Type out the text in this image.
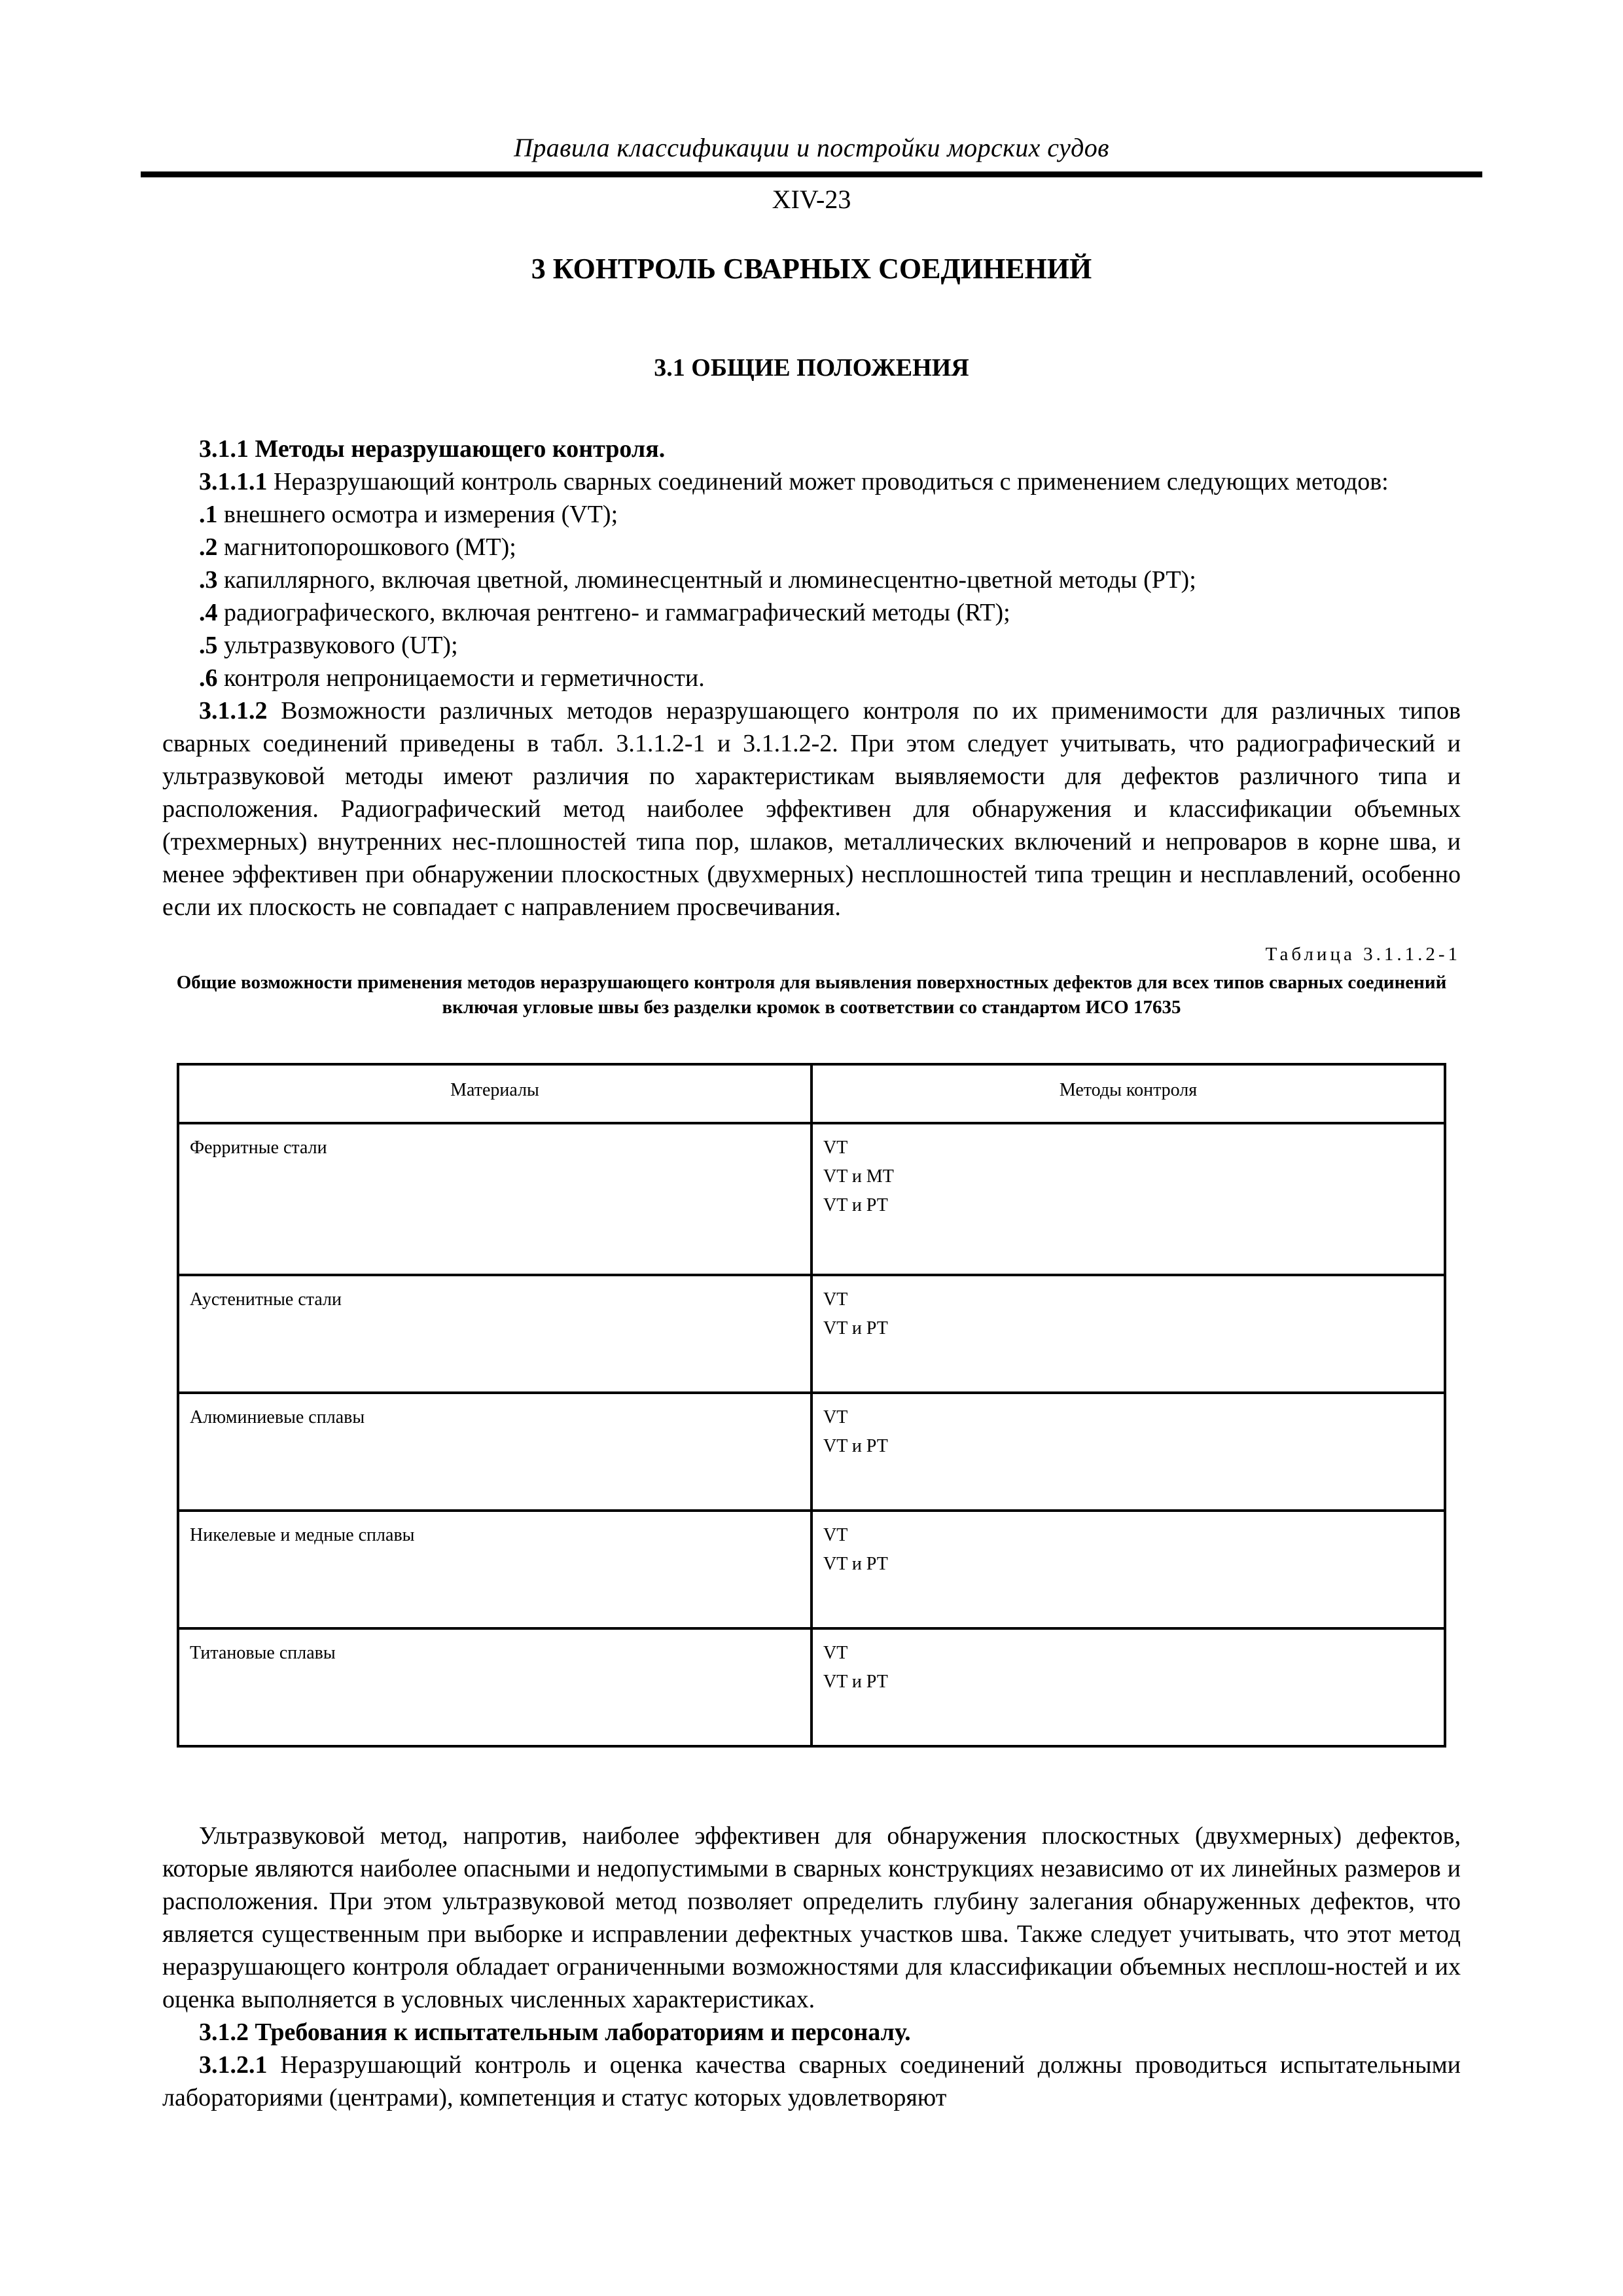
Правила классификации и постройки морских судов
XIV-23
3 КОНТРОЛЬ СВАРНЫХ СОЕДИНЕНИЙ
3.1 ОБЩИЕ ПОЛОЖЕНИЯ

3.1.1 Методы неразрушающего контроля.

3.1.1.1 Неразрушающий контроль сварных соединений может проводиться с применением следующих методов:

.1 внешнего осмотра и измерения (VT);

.2 магнитопорошкового (МТ);

.3 капиллярного, включая цветной, люминесцентный и люминесцентно-цветной методы (РТ);

.4 радиографического, включая рентгено- и гаммаграфический методы (RT);

.5 ультразвукового (UT);

.6 контроля непроницаемости и герметичности.

3.1.1.2 Возможности различных методов неразрушающего контроля по их применимости для различных типов сварных соединений приведены в табл. 3.1.1.2-1 и 3.1.1.2-2. При этом следует учитывать, что радиографический и ультразвуковой методы имеют различия по характеристикам выявляемости для дефектов различного типа и расположения. Радиографический метод наиболее эффективен для обнаружения и классификации объемных (трехмерных) внутренних нес-плошностей типа пор, шлаков, металлических включений и непроваров в корне шва, и менее эффективен при обнаружении плоскостных (двухмерных) несплошностей типа трещин и несплавлений, особенно если их плоскость не совпадает с направлением просвечивания.

Таблица 3.1.1.2-1

Общие возможности применения методов неразрушающего контроля для выявления поверхностных дефектов для всех типов сварных соединений включая угловые швы без разделки кромок в соответствии со стандартом ИСО 17635

Материалы	Методы контроля
Ферритные стали	VT
VT и МТ
VT и РТ

Аустенитные стали	VT
VT и РТ

Алюминиевые сплавы	VT
VT и РТ

Никелевые и медные сплавы	VT
VT и РТ

Титановые сплавы	VT
VT и РТ

Ультразвуковой метод, напротив, наиболее эффективен для обнаружения плоскостных (двухмерных) дефектов, которые являются наиболее опасными и недопустимыми в сварных конструкциях независимо от их линейных размеров и расположения. При этом ультразвуковой метод позволяет определить глубину залегания обнаруженных дефектов, что является существенным при выборке и исправлении дефектных участков шва. Также следует учитывать, что этот метод неразрушающего контроля обладает ограниченными возможностями для классификации объемных несплош-ностей и их оценка выполняется в условных численных характеристиках.

3.1.2 Требования к испытательным лабораториям и персоналу.

3.1.2.1 Неразрушающий контроль и оценка качества сварных соединений должны проводиться испытательными лабораториями (центрами), компетенция и статус которых удовлетворяют
